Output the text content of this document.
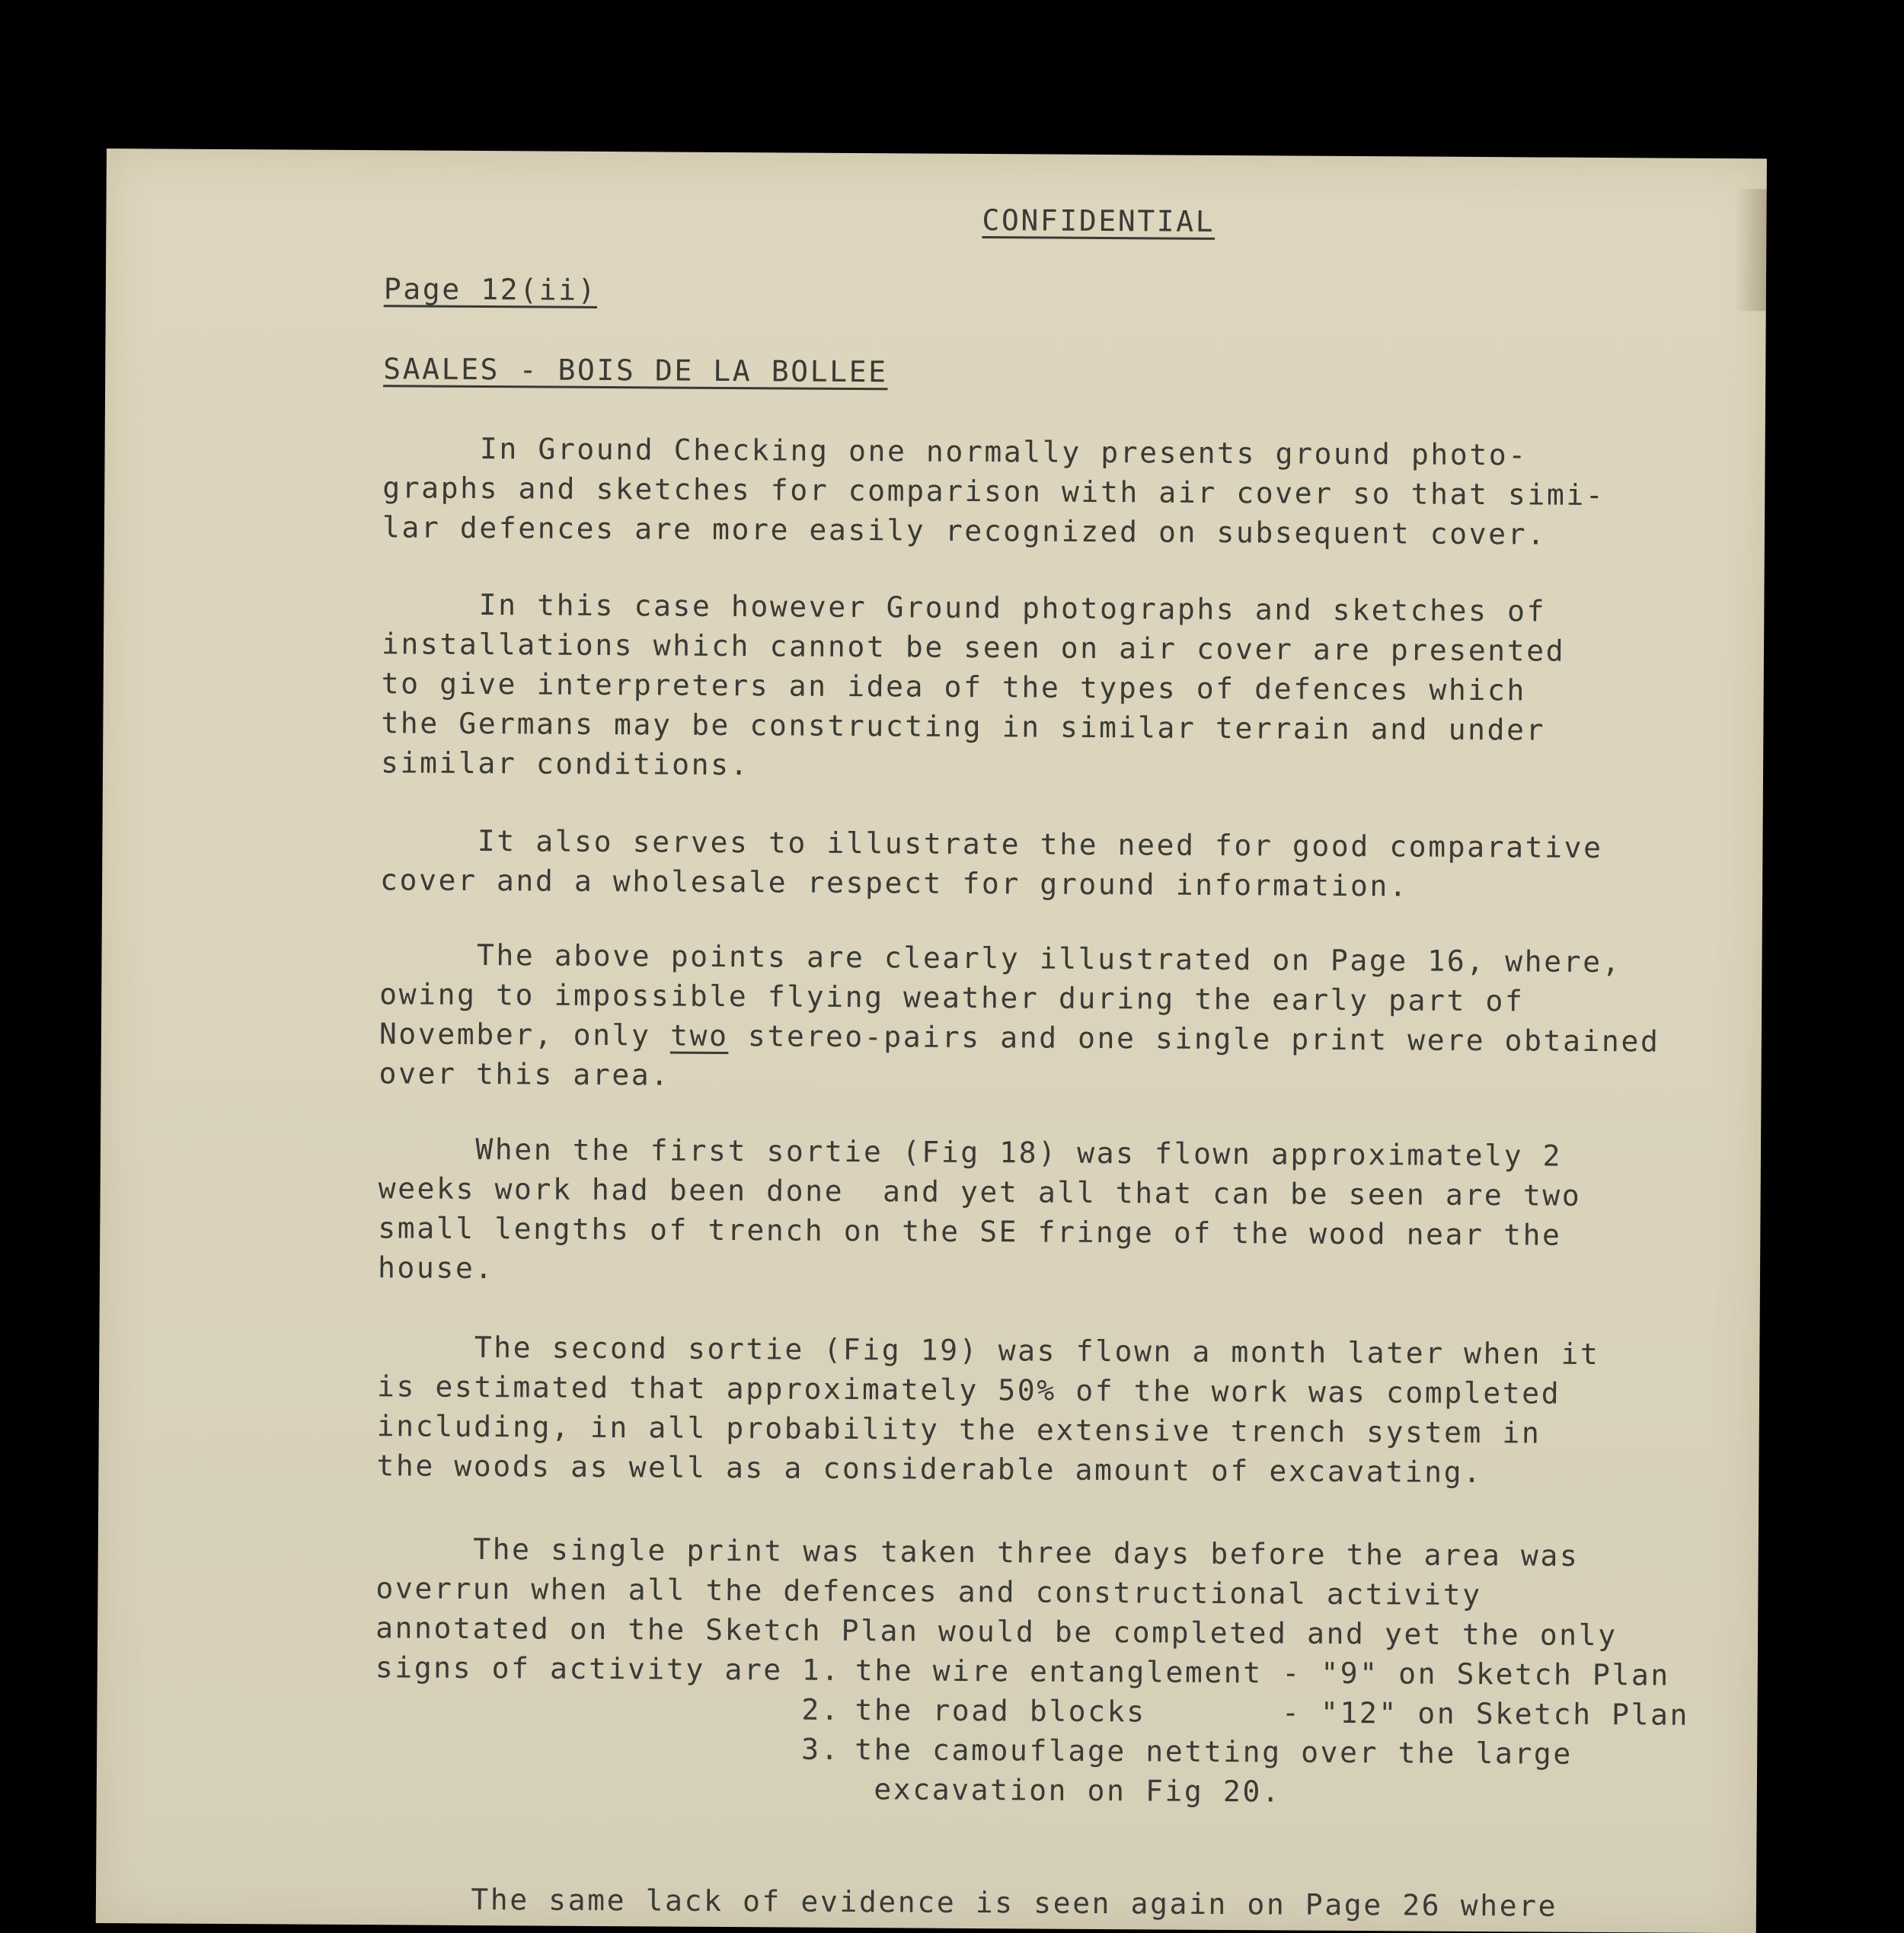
CONFIDENTIAL
Page 12(ii)
SAALES - BOIS DE LA BOLLEE
In Ground Checking one normally presents ground photo-
graphs and sketches for comparison with air cover so that simi-
lar defences are more easily recognized on subsequent cover.
In this case however Ground photographs and sketches of
installations which cannot be seen on air cover are presented
to give interpreters an idea of the types of defences which
the Germans may be constructing in similar terrain and under
similar conditions.
It also serves to illustrate the need for good comparative
cover and a wholesale respect for ground information.
The above points are clearly illustrated on Page 16, where,
owing to impossible flying weather during the early part of
November, only two stereo-pairs and one single print were obtained
over this area.
When the first sortie (Fig 18) was flown approximately 2
weeks work had been done  and yet all that can be seen are two
small lengths of trench on the SE fringe of the wood near the
house.
The second sortie (Fig 19) was flown a month later when it
is estimated that approximately 50% of the work was completed
including, in all probability the extensive trench system in
the woods as well as a considerable amount of excavating.
The single print was taken three days before the area was
overrun when all the defences and constructional activity
annotated on the Sketch Plan would be completed and yet the only
signs of activity are 1. the wire entanglement - "9" on Sketch Plan
2. the road blocks       - "12" on Sketch Plan
3. the camouflage netting over the large
excavation on Fig 20.
The same lack of evidence is seen again on Page 26 where
